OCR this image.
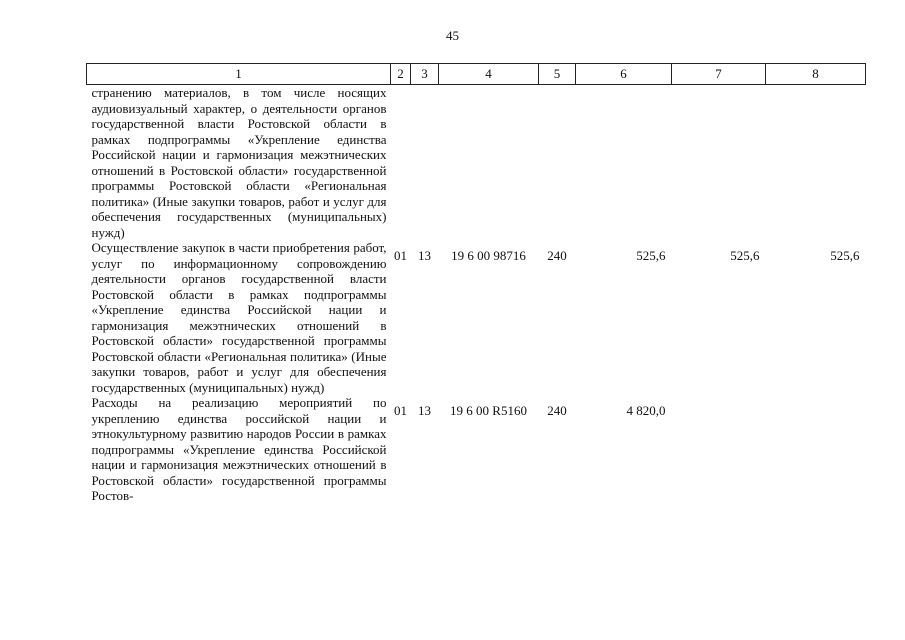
45
1	2	3	4	5	6	7	8

странению материалов, в том числе носящих аудиовизуальный характер, о деятельности органов государственной власти Ростовской области в рамках подпрограммы «Укрепление единства Российской нации и гармонизация межэтнических отношений в Ростовской области» государственной программы Ростовской области «Региональная политика» (Иные закупки товаров, работ и услуг для обеспечения государственных (муниципальных) нужд)							

Осуществление закупок в части приобретения работ, услуг по информационному сопровождению деятельности органов государственной власти Ростовской области в рамках подпрограммы «Укрепление единства Российской нации и гармонизация межэтнических отношений в Ростовской области» государственной программы Ростовской области «Региональная политика» (Иные закупки товаров, работ и услуг для обеспечения государственных (муниципальных) нужд)	01	13	19 6 00 98716	240	525,6	525,6	525,6

Расходы на реализацию мероприятий по укреплению единства российской нации и этнокультурному развитию народов России в рамках подпрограммы «Укрепление единства Российской нации и гармонизация межэтнических отношений в Ростовской области» государственной программы Ростов-	01	13	19 6 00 R5160	240	4 820,0		
